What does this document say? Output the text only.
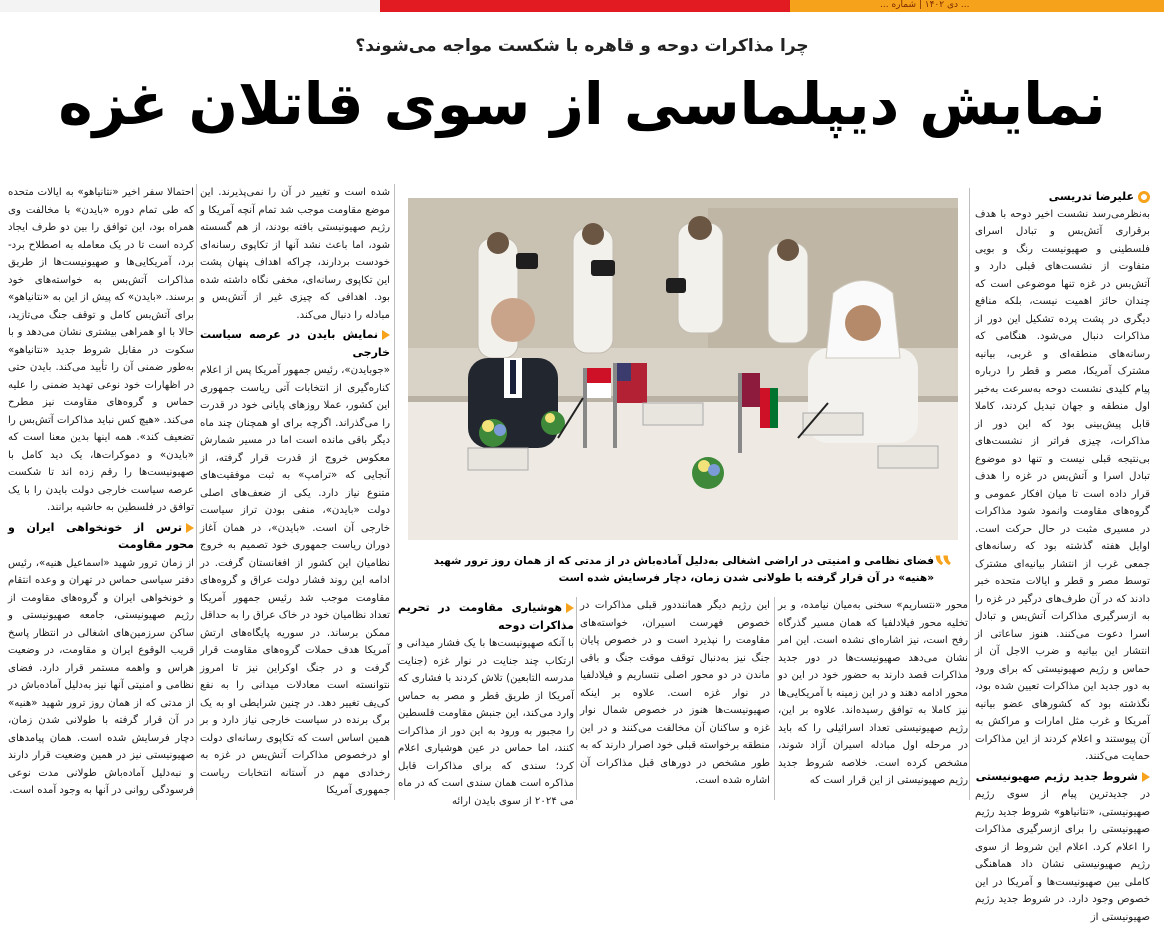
... دی ۱۴۰۲ | شماره ...
چرا مذاکرات دوحه و قاهره با شکست مواجه می‌شوند؟
نمایش دیپلماسی از سوی قاتلان غزه
علیرضا تدریسی

به‌نظرمی‌رسد نشست اخیر دوحه با هدف برقراری آتش‌بس و تبادل اسرای فلسطینی و صهیونیست رنگ و بویی متفاوت از نشست‌های قبلی دارد و آتش‌بس در غزه تنها موضوعی است که چندان حائز اهمیت نیست، بلکه منافع دیگری در پشت پرده تشکیل این دور از مذاکرات دنبال می‌شود. هنگامی که رسانه‌های منطقه‌ای و غربی، بیانیه مشترک آمریکا، مصر و قطر را درباره پیام کلیدی نشست دوحه به‌سرعت به‌خبر اول منطقه و جهان تبدیل کردند، کاملا قابل پیش‌بینی بود که این دور از مذاکرات، چیزی فراتر از نشست‌های بی‌نتیجه قبلی نیست و تنها دو موضوع تبادل اسرا و آتش‌بس در غزه را هدف قرار داده است تا میان افکار عمومی و گروه‌های مقاومت وانمود شود مذاکرات در مسیری مثبت در حال حرکت است. اوایل هفته گذشته بود که رسانه‌های جمعی غرب از انتشار بیانیه‌ای مشترک توسط مصر و قطر و ایالات متحده خبر دادند که در آن طرف‌های درگیر در غزه را به ازسرگیری مذاکرات آتش‌بس و تبادل اسرا دعوت می‌کنند. هنوز ساعاتی از انتشار این بیانیه و ضرب الاجل آن از حماس و رژیم صهیونیستی که برای ورود به دور جدید این مذاکرات تعیین شده بود، نگذشته بود که کشورهای عضو بیانیه آمریکا و غرب مثل امارات و مراکش به آن پیوستند و اعلام کردند از این مذاکرات حمایت می‌کنند.

شروط جدید رژیم صهیونیستی

در جدیدترین پیام از سوی رژیم صهیونیستی، «نتانیاهو» شروط جدید رژیم صهیونیستی را برای ازسرگیری مذاکرات را اعلام کرد. اعلام این شروط از سوی رژیم صهیونیستی نشان داد هماهنگی کاملی بین صهیونیست‌ها و آمریکا در این خصوص وجود دارد. در شروط جدید رژیم صهیونیستی از

‟
فضای نظامی و امنیتی در اراضی اشغالی به‌دلیل آماده‌باش در از مدتی که از همان روز ترور شهید «هنیه» در آن قرار گرفته با طولانی شدن زمان، دچار فرسایش شده است

محور «نتساریم» سخنی به‌میان نیامده، و بر تخلیه محور فیلادلفیا که همان مسیر گذرگاه رفح است، نیز اشاره‌ای نشده است. این امر نشان می‌دهد صهیونیست‌ها در دور جدید مذاکرات قصد دارند به حضور خود در این دو محور ادامه دهند و در این زمینه با آمریکایی‌ها نیز کاملا به توافق رسیده‌اند. علاوه بر این، رژیم صهیونیستی تعداد اسرائیلی را که باید در مرحله اول مبادله اسیران آزاد شوند، مشخص کرده است. خلاصه شروط جدید رژیم صهیونیستی از این قرار است که

این رژیم دیگر هماننددور قبلی مذاکرات در خصوص فهرست اسیران، خواسته‌های مقاومت را نپذیرد است و در خصوص پایان جنگ نیز به‌دنبال توقف موقت جنگ و باقی ماندن در دو محور اصلی نتساریم و فیلادلفیا در نوار غزه است. علاوه بر اینکه صهیونیست‌ها هنوز در خصوص شمال نوار غزه و ساکنان آن مخالفت می‌کنند و در این منطقه برخواسته قبلی خود اصرار دارند که به طور مشخص در دورهای قبل مذاکرات آن اشاره شده است.

هوشیاری مقاومت در تحریم مذاکرات دوحه

با آنکه صهیونیست‌ها با یک فشار میدانی و ارتکاب چند جنایت در نوار غزه (جنایت مدرسه التابعین) تلاش کردند با فشاری که آمریکا از طریق قطر و مصر به حماس وارد می‌کند، این جنبش مقاومت فلسطین را مجبور به ورود به این دور از مذاکرات کنند، اما حماس در عین هوشیاری اعلام کرد؛ سندی که برای مذاکرات قابل مذاکره است همان سندی است که در ماه می ۲۰۲۴ از سوی بایدن ارائه

شده است و تغییر در آن را نمی‌پذیرند. این موضع مقاومت موجب شد تمام آنچه آمریکا و رژیم صهیونیستی بافته بودند، از هم گسسته شود، اما باعث نشد آنها از تکاپوی رسانه‌ای خودست بردارند، چراکه اهداف پنهان پشت این تکاپوی رسانه‌ای، مخفی نگاه داشته شده بود. اهدافی که چیزی غیر از آتش‌بس و مبادله را دنبال می‌کند.

نمایش بایدن در عرصه سیاست خارجی

«جوبایدن»، رئیس جمهور آمریکا پس از اعلام کناره‌گیری از انتخابات آتی ریاست جمهوری این کشور، عملا روزهای پایانی خود در قدرت را می‌گذراند. اگرچه برای او همچنان چند ماه دیگر باقی مانده است اما در مسیر شمارش معکوس خروج از قدرت قرار گرفته، از آنجایی که «ترامپ» به ثبت موفقیت‌های متنوع نیاز دارد. یکی از ضعف‌های اصلی دولت «بایدن»، منفی بودن تراز سیاست خارجی آن است. «بایدن»، در همان آغاز دوران ریاست جمهوری خود تصمیم به خروج نظامیان این کشور از افغانستان گرفت. در ادامه این روند فشار دولت عراق و گروه‌های مقاومت موجب شد رئیس جمهور آمریکا تعداد نظامیان خود در خاک عراق را به حداقل ممکن برساند. در سوریه پایگاه‌های ارتش آمریکا هدف حملات گروه‌های مقاومت قرار گرفت و در جنگ اوکراین نیز تا امروز نتوانسته است معادلات میدانی را به نفع کی‌یف تغییر دهد. در چنین شرایطی او به یک برگ برنده در سیاست خارجی نیاز دارد و بر همین اساس است که تکاپوی رسانه‌ای دولت او درخصوص مذاکرات آتش‌بس در غزه به رخدادی مهم در آستانه انتخابات ریاست جمهوری آمریکا

احتمالا سفر اخیر «نتانیاهو» به ایالات متحده که طی تمام دوره «بایدن» با مخالفت وی همراه بود، این توافق را بین دو طرف ایجاد کرده است تا در یک معامله به اصطلاح برد-برد، آمریکایی‌ها و صهیونیست‌ها از طریق مذاکرات آتش‌بس به خواسته‌های خود برسند. «بایدن» که پیش از این به «نتانیاهو» برای آتش‌بس کامل و توقف جنگ می‌تازید، حالا با او همراهی بیشتری نشان می‌دهد و با سکوت در مقابل شروط جدید «نتانیاهو» به‌طور ضمنی آن را تأیید می‌کند. بایدن حتی در اظهارات خود نوعی تهدید ضمنی را علیه حماس و گروه‌های مقاومت نیز مطرح می‌کند. «هیچ کس نباید مذاکرات آتش‌بس را تضعیف کند». همه اینها بدین معنا است که «بایدن» و دموکرات‌ها، یک دید کامل با صهیونیست‌ها را رقم زده اند تا شکست عرصه سیاست خارجی دولت بایدن را با یک توافق در فلسطین به حاشیه برانند.

ترس از خونخواهی ایران و محور مقاومت

از زمان ترور شهید «اسماعیل هنیه»، رئیس دفتر سیاسی حماس در تهران و وعده انتقام و خونخواهی ایران و گروه‌های مقاومت از رژیم صهیونیستی، جامعه صهیونیستی و ساکن سرزمین‌های اشغالی در انتظار پاسخ قریب الوقوع ایران و مقاومت، در وضعیت هراس و واهمه مستمر قرار دارد. فضای نظامی و امنیتی آنها نیز به‌دلیل آماده‌باش در از مدتی که از همان روز ترور شهید «هنیه» در آن قرار گرفته با طولانی شدن زمان، دچار فرسایش شده است. همان پیامدهای صهیونیستی نیز در همین وضعیت قرار دارند و نبه‌دلیل آماده‌باش طولانی مدت نوعی فرسودگی روانی در آنها به وجود آمده است.
